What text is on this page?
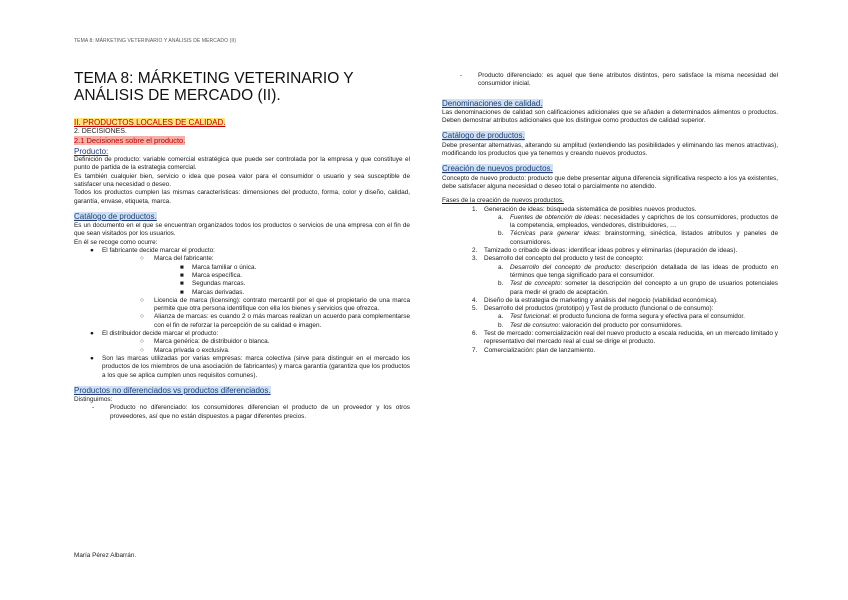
TEMA 8: MÁRKETING VETERINARIO Y ANÁLISIS DE MERCADO (II)
TEMA 8: MÁRKETING VETERINARIO Y ANÁLISIS DE MERCADO (II).
II. PRODUCTOS LOCALES DE CALIDAD.
2. DECISIONES.
2.1 Decisiones sobre el producto.
Producto:

Definición de producto: variable comercial estratégica que puede ser controlada por la empresa y que constituye el punto de partida de la estrategia comercial.

Es también cualquier bien, servicio o idea que posea valor para el consumidor o usuario y sea susceptible de satisfacer una necesidad o deseo.

Todos los productos cumplen las mismas características: dimensiones del producto, forma, color y diseño, calidad, garantía, envase, etiqueta, marca.

Catálogo de productos.

Es un documento en el que se encuentran organizados todos los productos o servicios de una empresa con el fin de que sean visitados por los usuarios.

En él se recoge como ocurre:

● El fabricante decide marcar el producto:
○ Marca del fabricante:
■ Marca familiar o única.
■ Marca específica.
■ Segundas marcas.
■ Marcas derivadas.
○ Licencia de marca (licensing): contrato mercantil por el que el propietario de una marca permite que otra persona identifique con ella los bienes y servicios que ofrezca.
○ Alianza de marcas: es cuando 2 o más marcas realizan un acuerdo para complementarse con el fin de reforzar la percepción de su calidad e imagen.
● El distribuidor decide marcar el producto:
○ Marca genérica: de distribuidor o blanca.
○ Marca privada o exclusiva.
● Son las marcas utilizadas por varias empresas: marca colectiva (sirve para distinguir en el mercado los productos de los miembros de una asociación de fabricantes) y marca garantía (garantiza que los productos a los que se aplica cumplen unos requisitos comunes).
Productos no diferenciados vs productos diferenciados.

Distinguimos:

- Producto no diferenciado: los consumidores diferencian el producto de un proveedor y los otros proveedores, así que no están dispuestos a pagar diferentes precios.
- Producto diferenciado: es aquel que tiene atributos distintos, pero satisface la misma necesidad del consumidor inicial.
Denominaciones de calidad.

Las denominaciones de calidad son calificaciones adicionales que se añaden a determinados alimentos o productos. Deben demostrar atributos adicionales que los distingue como productos de calidad superior.

Catálogo de productos.

Debe presentar alternativas, alterando su amplitud (extendiendo las posibilidades y eliminando las menos atractivas), modificando los productos que ya tenemos y creando nuevos productos.

Creación de nuevos productos.

Concepto de nuevo producto: producto que debe presentar alguna diferencia significativa respecto a los ya existentes, debe satisfacer alguna necesidad o deseo total o parcialmente no atendido.

Fases de la creación de nuevos productos.
1. Generación de ideas: búsqueda sistemática de posibles nuevos productos.
a. Fuentes de obtención de ideas: necesidades y caprichos de los consumidores, productos de la competencia, empleados, vendedores, distribuidores, …
b. Técnicas para generar ideas: brainstorming, sinéctica, listados atributos y paneles de consumidores.
2. Tamizado o cribado de ideas: identificar ideas pobres y eliminarlas (depuración de ideas).
3. Desarrollo del concepto del producto y test de concepto:
a. Desarrollo del concepto de producto: descripción detallada de las ideas de producto en términos que tenga significado para el consumidor.
b. Test de concepto: someter la descripción del concepto a un grupo de usuarios potenciales para medir el grado de aceptación.
4. Diseño de la estrategia de marketing y análisis del negocio (viabilidad económica).
5. Desarrollo del productos (prototipo) y Test de producto (funcional o de consumo):
a. Test funcional: el producto funciona de forma segura y efectiva para el consumidor.
b. Test de consumo: valoración del producto por consumidores.
6. Test de mercado: comercialización real del nuevo producto a escala reducida, en un mercado limitado y representativo del mercado real al cual se dirige el producto.
7. Comercialización: plan de lanzamiento.
María Pérez Albarrán.
